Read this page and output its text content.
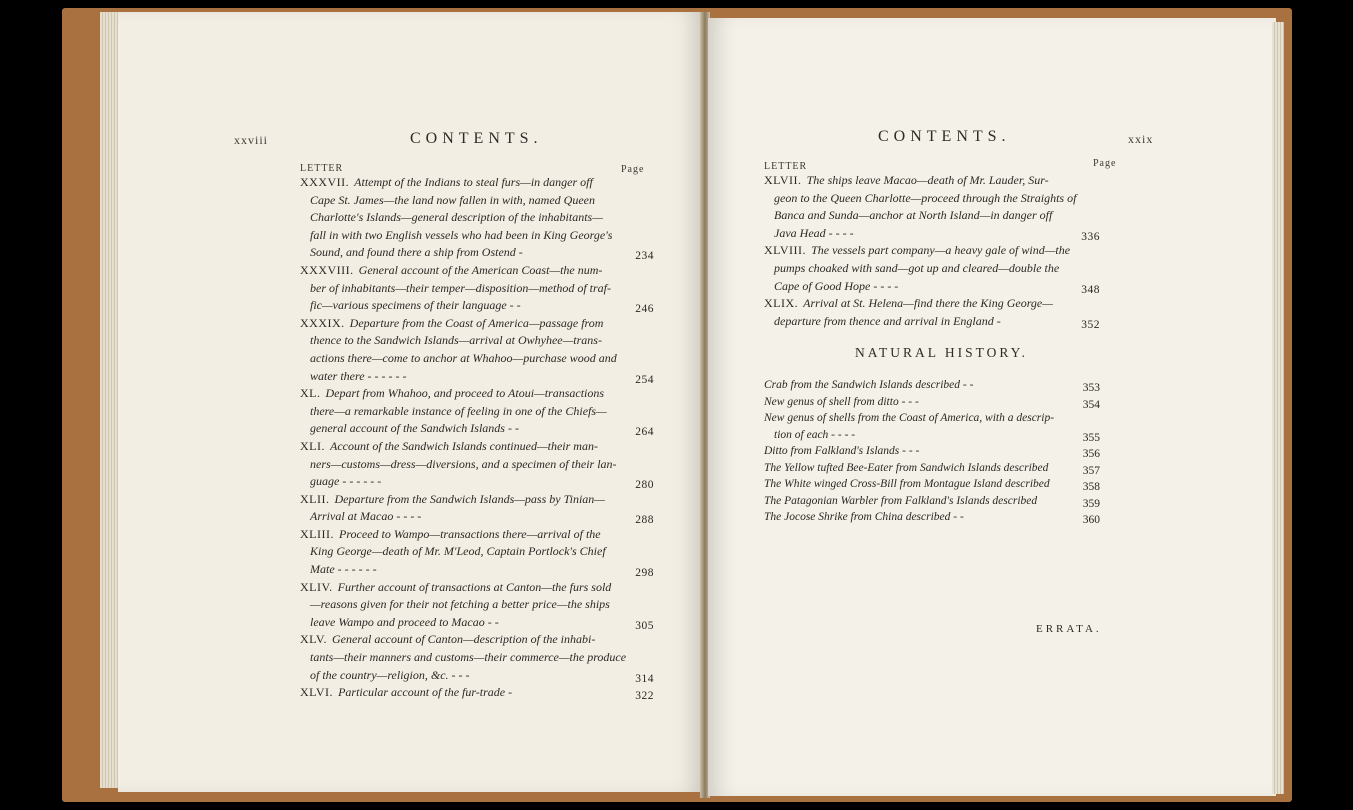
xxviii	CONTENTS.
LETTER	Page
XXXVII. Attempt of the Indians to steal furs—in danger off
Cape St. James—the land now fallen in with, named Queen
Charlotte's Islands—general description of the inhabitants—
fall in with two English vessels who had been in King George's
Sound, and found there a ship from Ostend -	234
XXXVIII. General account of the American Coast—the num-
ber of inhabitants—their temper—disposition—method of traf-
fic—various specimens of their language - -	246
XXXIX. Departure from the Coast of America—passage from
thence to the Sandwich Islands—arrival at Owhyhee—trans-
actions there—come to anchor at Whahoo—purchase wood and
water there - - - - - -	254
XL. Depart from Whahoo, and proceed to Atoui—transactions
there—a remarkable instance of feeling in one of the Chiefs—
general account of the Sandwich Islands - -	264
XLI. Account of the Sandwich Islands continued—their man-
ners—customs—dress—diversions, and a specimen of their lan-
guage - - - - - -	280
XLII. Departure from the Sandwich Islands—pass by Tinian—
Arrival at Macao - - - -	288
XLIII. Proceed to Wampo—transactions there—arrival of the
King George—death of Mr. M'Leod, Captain Portlock's Chief
Mate - - - - - -	298
XLIV. Further account of transactions at Canton—the furs sold
—reasons given for their not fetching a better price—the ships
leave Wampo and proceed to Macao - -	305
XLV. General account of Canton—description of the inhabi-
tants—their manners and customs—their commerce—the produce
of the country—religion, &c. - - -	314
XLVI. Particular account of the fur-trade -	322
CONTENTS.	xxix
LETTER	Page
XLVII. The ships leave Macao—death of Mr. Lauder, Sur-
geon to the Queen Charlotte—proceed through the Straights of
Banca and Sunda—anchor at North Island—in danger off
Java Head - - - -	336
XLVIII. The vessels part company—a heavy gale of wind—the
pumps choaked with sand—got up and cleared—double the
Cape of Good Hope - - - -	348
XLIX. Arrival at St. Helena—find there the King George—
departure from thence and arrival in England -	352
NATURAL HISTORY.
Crab from the Sandwich Islands described - -	353
New genus of shell from ditto - - -	354
New genus of shells from the Coast of America, with a descrip-
tion of each - - - -	355
Ditto from Falkland's Islands - - -	356
The Yellow tufted Bee-Eater from Sandwich Islands described	357
The White winged Cross-Bill from Montague Island described	358
The Patagonian Warbler from Falkland's Islands described	359
The Jocose Shrike from China described - -	360
ERRATA.
